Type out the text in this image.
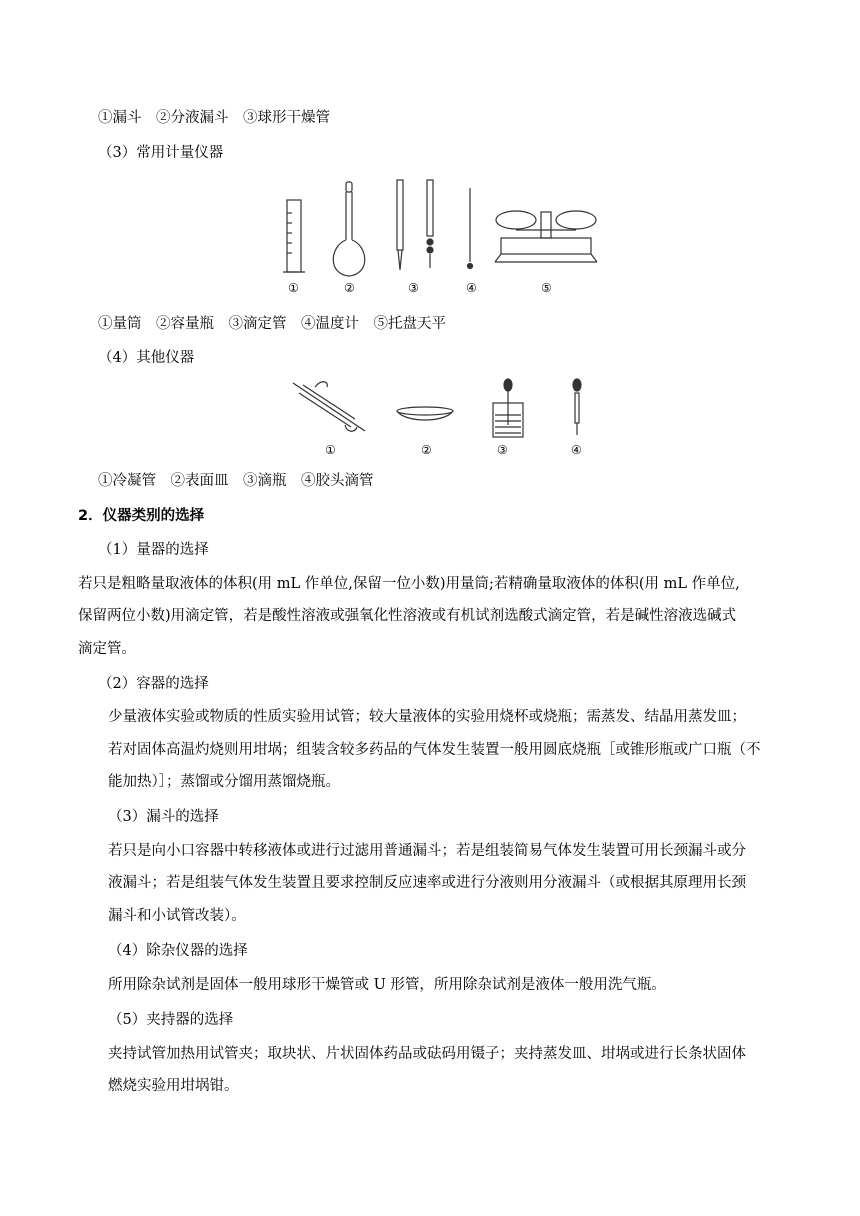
①漏斗　②分液漏斗　③球形干燥管
（3）常用计量仪器
①	②	③	④	⑤
①量筒　②容量瓶　③滴定管　④温度计　⑤托盘天平
（4）其他仪器
①	②	③	④
①冷凝管　②表面皿　③滴瓶　④胶头滴管
2．仪器类别的选择
（1）量器的选择
若只是粗略量取液体的体积(用 mL 作单位,保留一位小数)用量筒;若精确量取液体的体积(用 mL 作单位,
保留两位小数)用滴定管，若是酸性溶液或强氧化性溶液或有机试剂选酸式滴定管，若是碱性溶液选碱式
滴定管。
（2）容器的选择
少量液体实验或物质的性质实验用试管；较大量液体的实验用烧杯或烧瓶；需蒸发、结晶用蒸发皿；
若对固体高温灼烧则用坩埚；组装含较多药品的气体发生装置一般用圆底烧瓶［或锥形瓶或广口瓶（不
能加热）］；蒸馏或分馏用蒸馏烧瓶。
（3）漏斗的选择
若只是向小口容器中转移液体或进行过滤用普通漏斗；若是组装简易气体发生装置可用长颈漏斗或分
液漏斗；若是组装气体发生装置且要求控制反应速率或进行分液则用分液漏斗（或根据其原理用长颈
漏斗和小试管改装）。
（4）除杂仪器的选择
所用除杂试剂是固体一般用球形干燥管或 U 形管，所用除杂试剂是液体一般用洗气瓶。
（5）夹持器的选择
夹持试管加热用试管夹；取块状、片状固体药品或砝码用镊子；夹持蒸发皿、坩埚或进行长条状固体
燃烧实验用坩埚钳。
